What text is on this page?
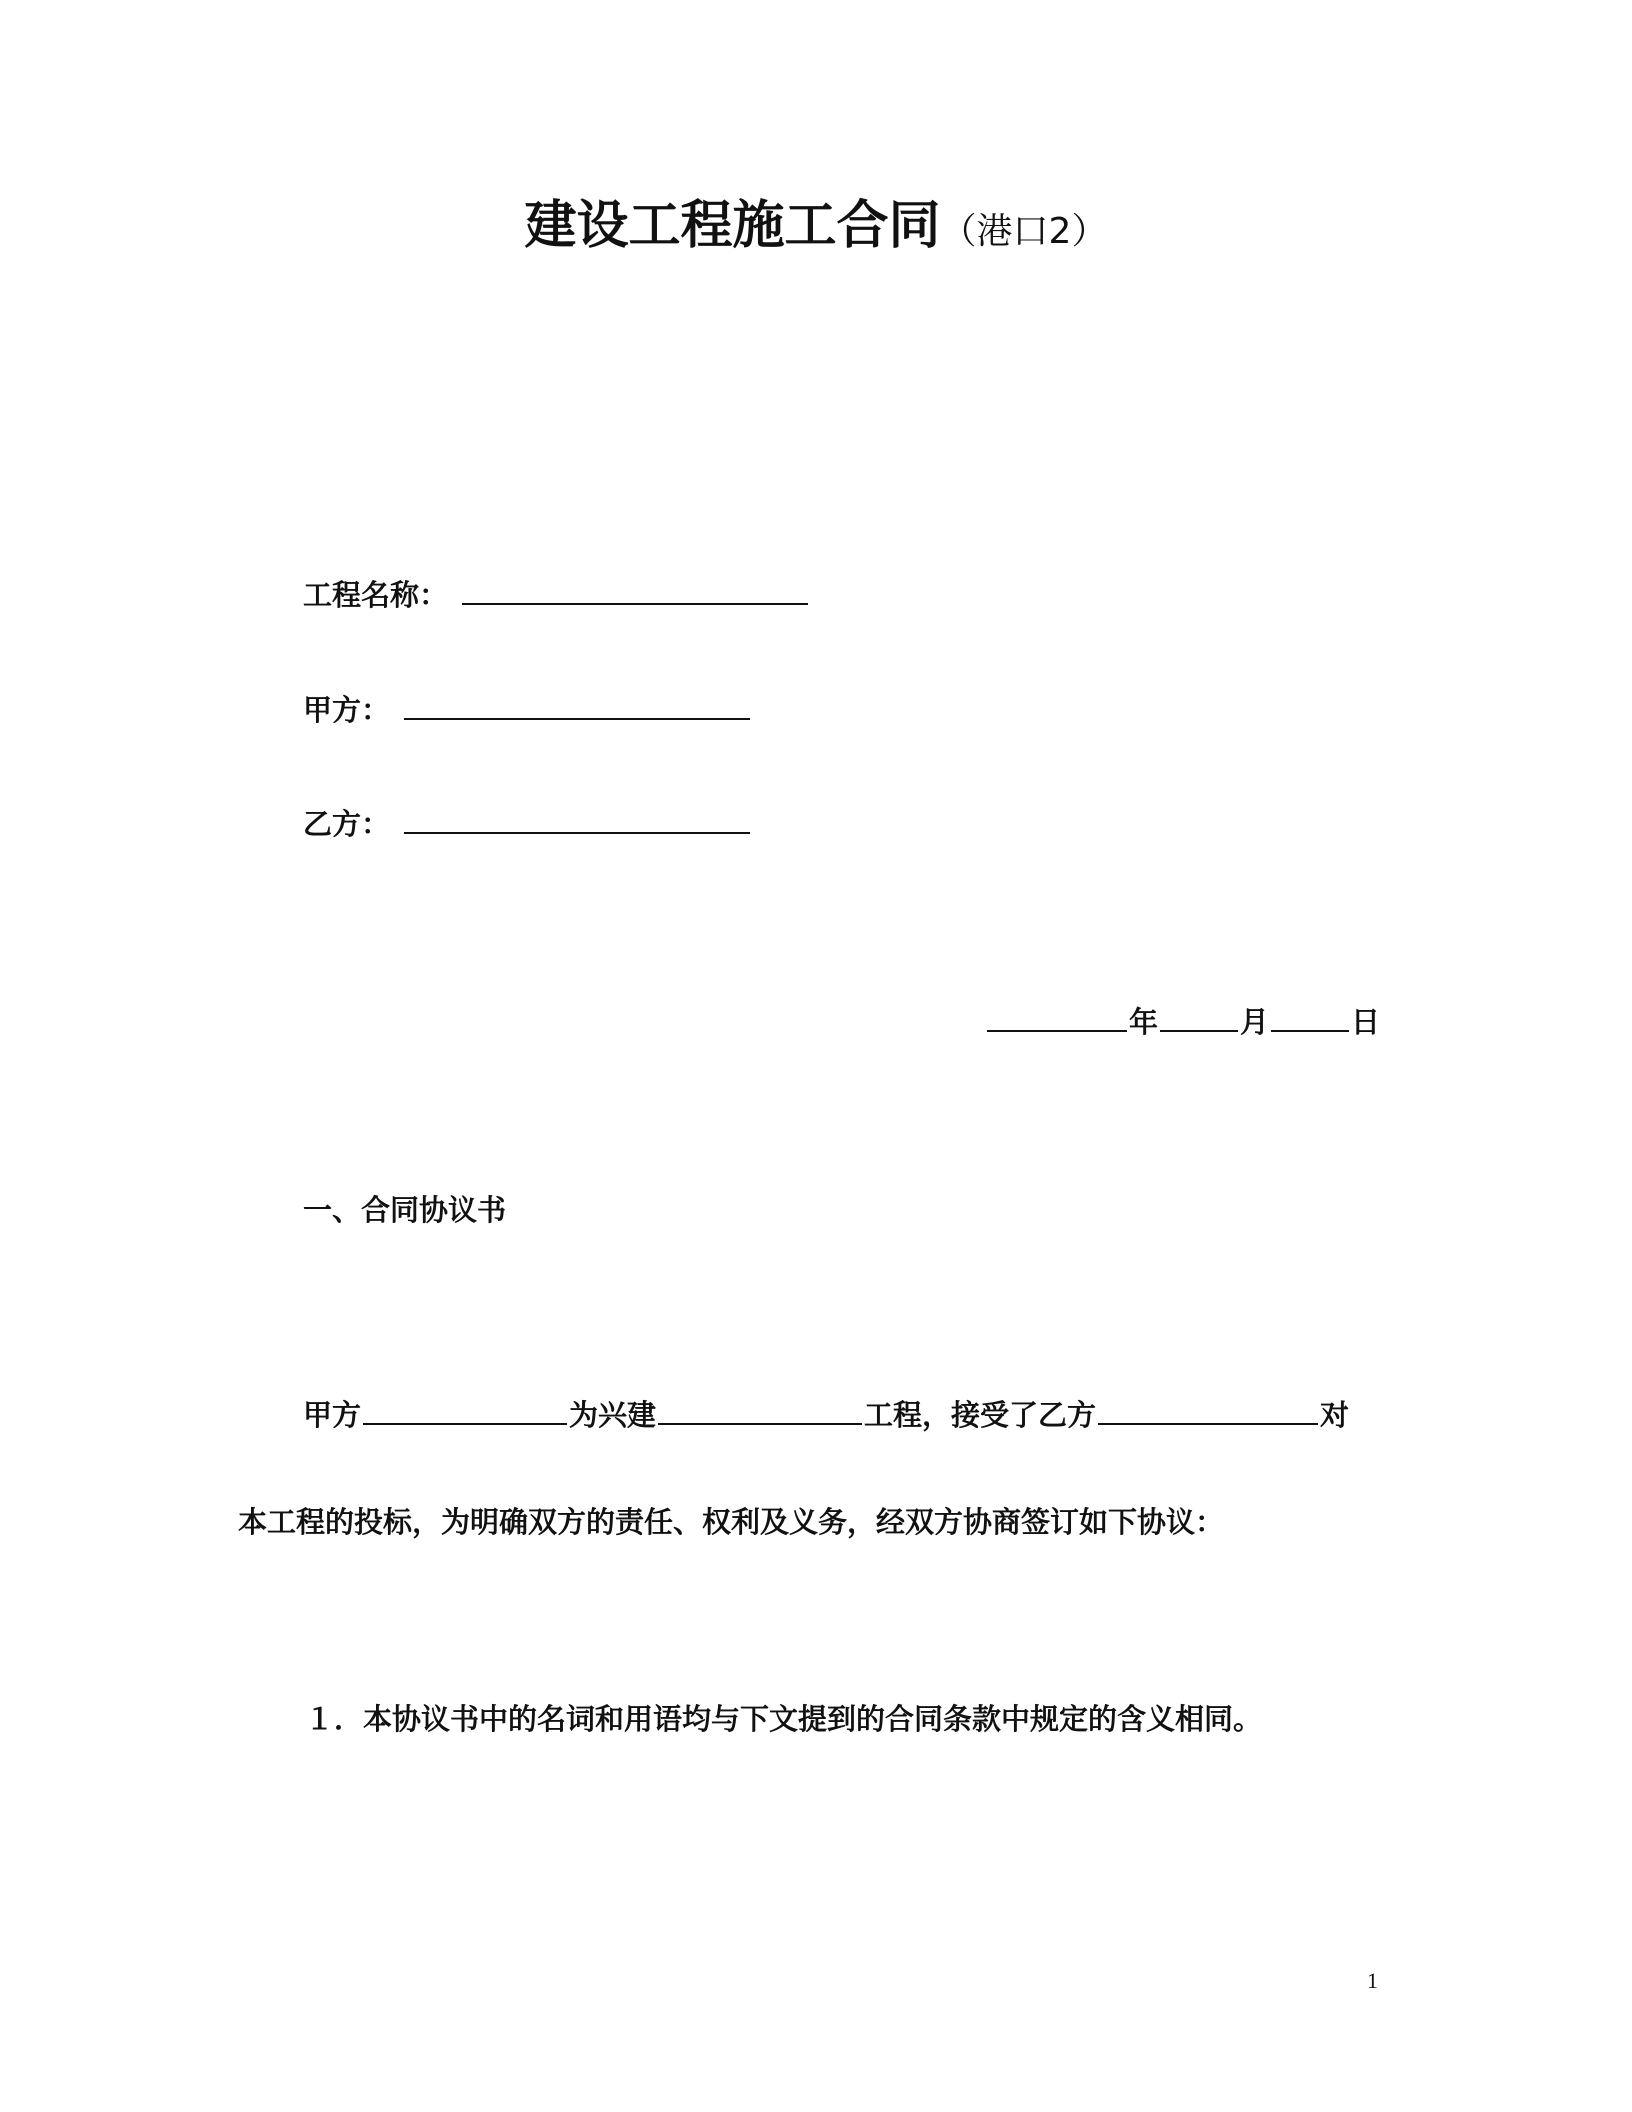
建设工程施工合同（港口2）
工程名称：
甲方：
乙方：
年	月	日
一、合同协议书
甲方	为兴建	工程，接受了乙方	对
本工程的投标，为明确双方的责任、权利及义务，经双方协商签订如下协议：
１．本协议书中的名词和用语均与下文提到的合同条款中规定的含义相同。
1
